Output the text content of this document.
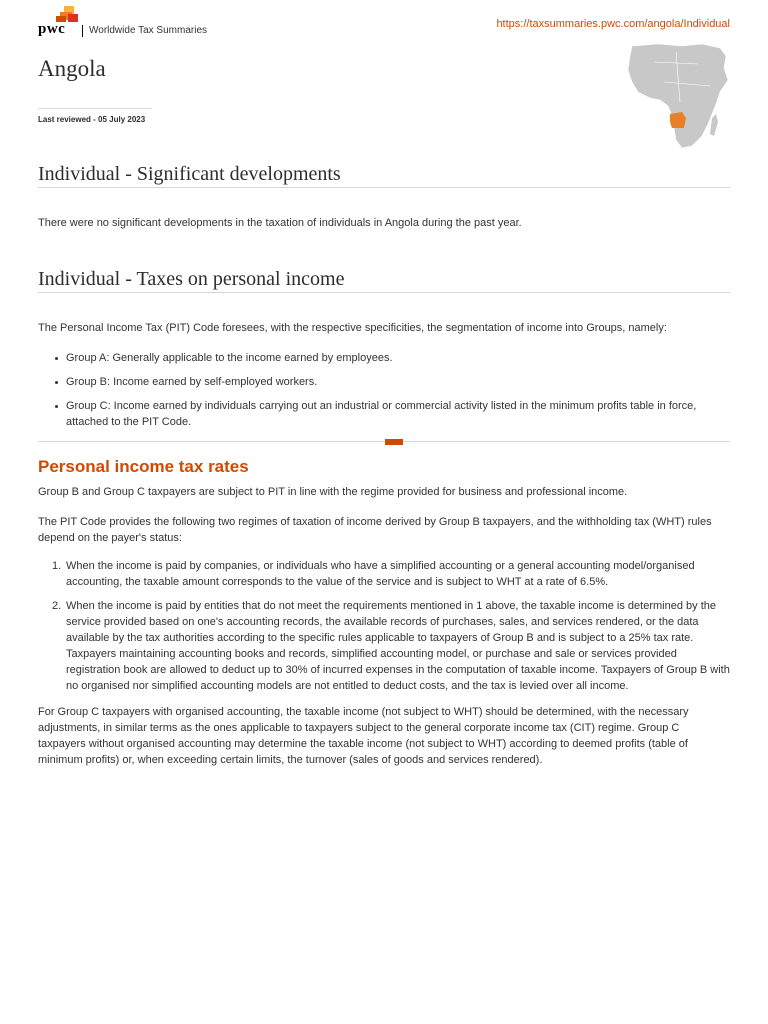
pwc Worldwide Tax Summaries
https://taxsummaries.pwc.com/angola/Individual
Angola
Last reviewed - 05 July 2023
Individual - Significant developments

There were no significant developments in the taxation of individuals in Angola during the past year.

Individual - Taxes on personal income

The Personal Income Tax (PIT) Code foresees, with the respective specificities, the segmentation of income into Groups, namely:

Group A: Generally applicable to the income earned by employees.
Group B: Income earned by self-employed workers.
Group C: Income earned by individuals carrying out an industrial or commercial activity listed in the minimum profits table in force, attached to the PIT Code.
Personal income tax rates

Group B and Group C taxpayers are subject to PIT in line with the regime provided for business and professional income.

The PIT Code provides the following two regimes of taxation of income derived by Group B taxpayers, and the withholding tax (WHT) rules depend on the payer's status:

1. When the income is paid by companies, or individuals who have a simplified accounting or a general accounting model/organised accounting, the taxable amount corresponds to the value of the service and is subject to WHT at a rate of 6.5%.
2. When the income is paid by entities that do not meet the requirements mentioned in 1 above, the taxable income is determined by the service provided based on one's accounting records, the available records of purchases, sales, and services rendered, or the data available by the tax authorities according to the specific rules applicable to taxpayers of Group B and is subject to a 25% tax rate. Taxpayers maintaining accounting books and records, simplified accounting model, or purchase and sale or services provided registration book are allowed to deduct up to 30% of incurred expenses in the computation of taxable income. Taxpayers of Group B with no organised nor simplified accounting models are not entitled to deduct costs, and the tax is levied over all income.

For Group C taxpayers with organised accounting, the taxable income (not subject to WHT) should be determined, with the necessary adjustments, in similar terms as the ones applicable to taxpayers subject to the general corporate income tax (CIT) regime. Group C taxpayers without organised accounting may determine the taxable income (not subject to WHT) according to deemed profits (table of minimum profits) or, when exceeding certain limits, the turnover (sales of goods and services rendered).
